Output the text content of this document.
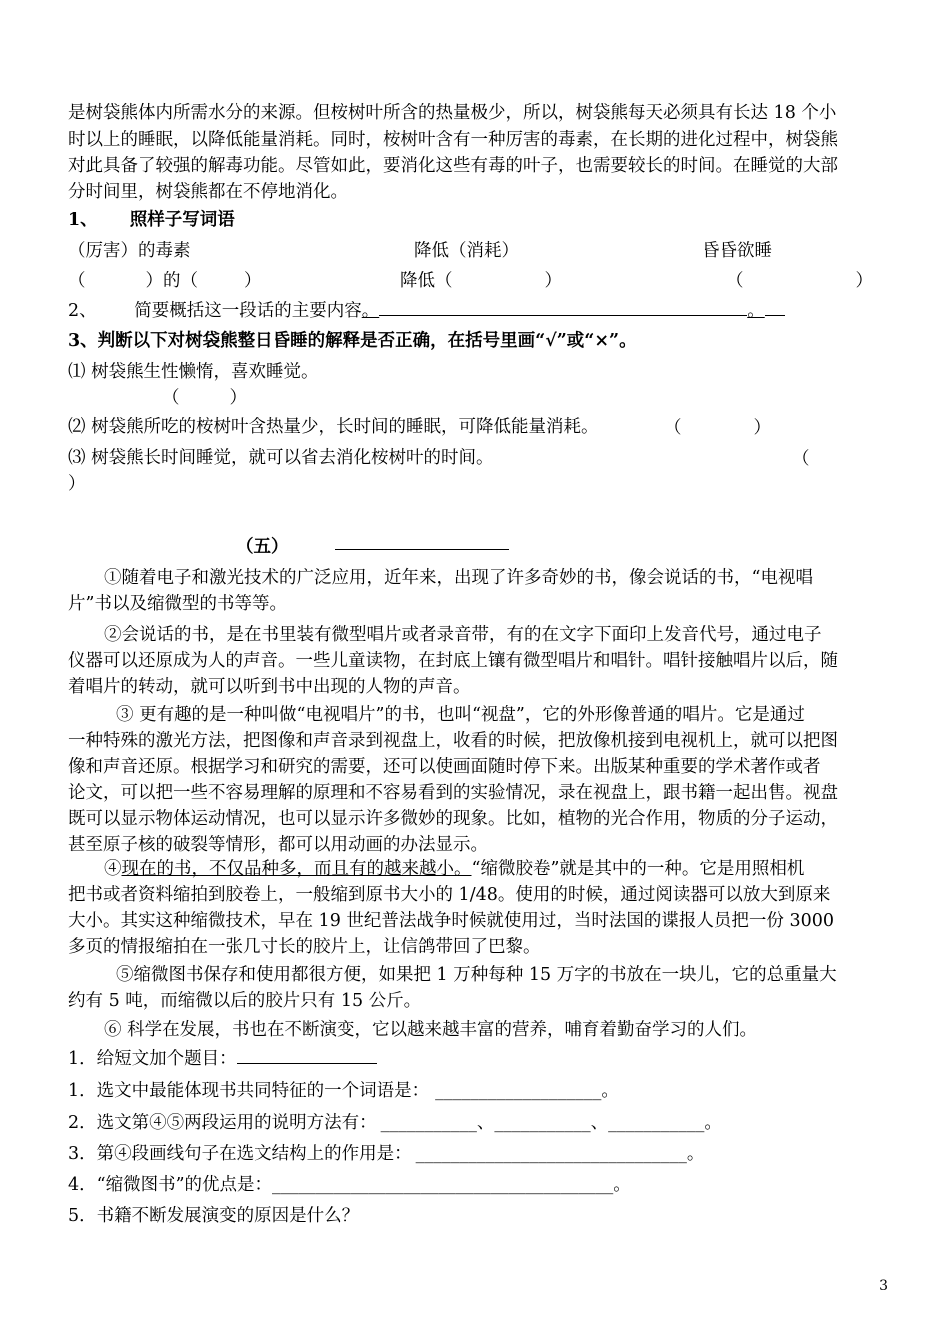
是树袋熊体内所需水分的来源。但桉树叶所含的热量极少，所以，树袋熊每天必须具有长达 18 个小
时以上的睡眠，以降低能量消耗。同时，桉树叶含有一种厉害的毒素，在长期的进化过程中，树袋熊
对此具备了较强的解毒功能。尽管如此，要消化这些有毒的叶子，也需要较长的时间。在睡觉的大部
分时间里，树袋熊都在不停地消化。
1、 照样子写词语
（厉害）的毒素	降低（消耗）	昏昏欲睡
（	）的（	）	降低（	）	（	）
2、 简要概括这一段话的主要内容。	。
3、判断以下对树袋熊整日昏睡的解释是否正确，在括号里画“√”或“×”。
⑴ 树袋熊生性懒惰，喜欢睡觉。
（	）
⑵ 树袋熊所吃的桉树叶含热量少，长时间的睡眠，可降低能量消耗。	（	）
⑶ 树袋熊长时间睡觉，就可以省去消化桉树叶的时间。	（
）
（五）
①随着电子和激光技术的广泛应用，近年来，出现了许多奇妙的书，像会说话的书，“电视唱
片”书以及缩微型的书等等。
②会说话的书，是在书里装有微型唱片或者录音带，有的在文字下面印上发音代号，通过电子
仪器可以还原成为人的声音。一些儿童读物，在封底上镶有微型唱片和唱针。唱针接触唱片以后，随
着唱片的转动，就可以听到书中出现的人物的声音。
③ 更有趣的是一种叫做“电视唱片”的书，也叫“视盘”，它的外形像普通的唱片。它是通过
一种特殊的激光方法，把图像和声音录到视盘上，收看的时候，把放像机接到电视机上，就可以把图
像和声音还原。根据学习和研究的需要，还可以使画面随时停下来。出版某种重要的学术著作或者
论文，可以把一些不容易理解的原理和不容易看到的实验情况，录在视盘上，跟书籍一起出售。视盘
既可以显示物体运动情况，也可以显示许多微妙的现象。比如，植物的光合作用，物质的分子运动，
甚至原子核的破裂等情形，都可以用动画的办法显示。
④现在的书，不仅品种多，而且有的越来越小。“缩微胶卷”就是其中的一种。它是用照相机
把书或者资料缩拍到胶卷上，一般缩到原书大小的 1/48。使用的时候，通过阅读器可以放大到原来
大小。其实这种缩微技术，早在 19 世纪普法战争时候就使用过，当时法国的谍报人员把一份 3000
多页的情报缩拍在一张几寸长的胶片上，让信鸽带回了巴黎。
⑤缩微图书保存和使用都很方便，如果把 1 万种每种 15 万字的书放在一块儿，它的总重量大
约有 5 吨，而缩微以后的胶片只有 15 公斤。
⑥ 科学在发展，书也在不断演变，它以越来越丰富的营养，哺育着勤奋学习的人们。
1．给短文加个题目：
1．选文中最能体现书共同特征的一个词语是： ___________________。
2．选文第④⑤两段运用的说明方法有： ___________、___________、___________。
3．第④段画线句子在选文结构上的作用是： _______________________________。
4．“缩微图书”的优点是：_______________________________________。
5．书籍不断发展演变的原因是什么？
3
